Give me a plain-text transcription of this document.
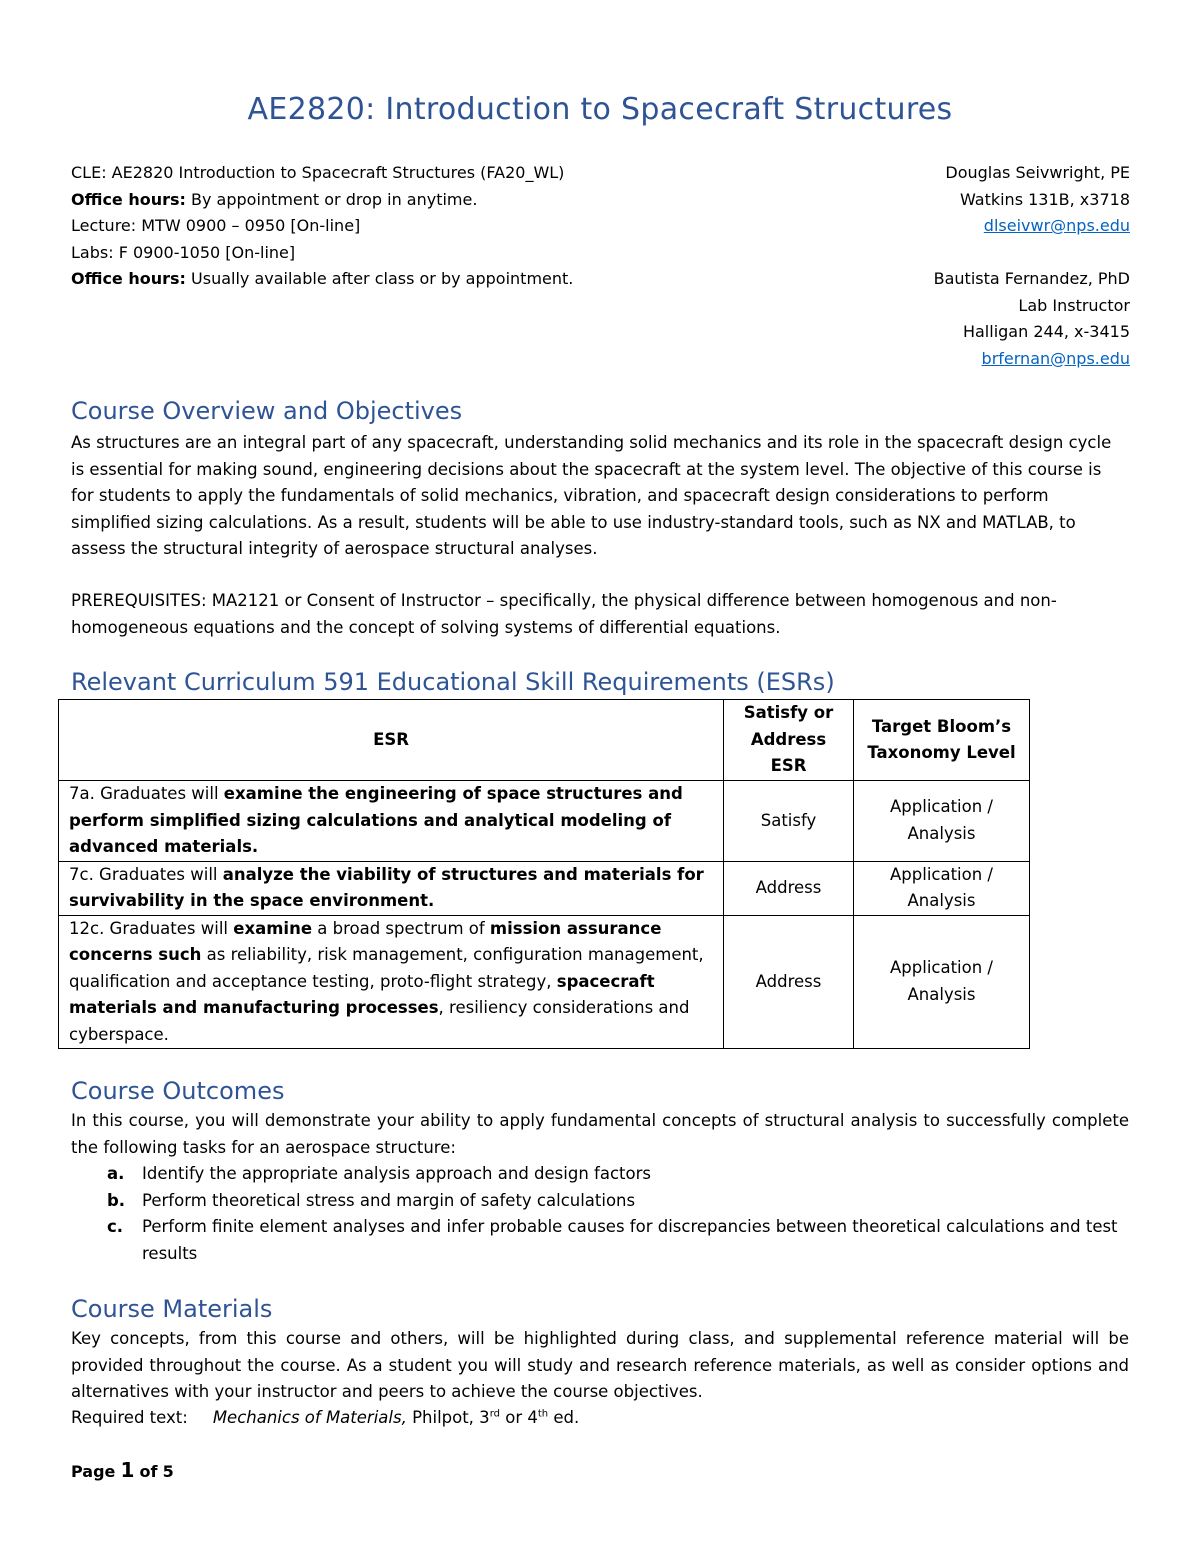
AE2820: Introduction to Spacecraft Structures
CLE: AE2820 Introduction to Spacecraft Structures (FA20_WL)
Office hours: By appointment or drop in anytime.
Lecture: MTW 0900 – 0950 [On-line]
Labs: F 0900-1050 [On-line]
Office hours: Usually available after class or by appointment.
Douglas Seivwright, PE
Watkins 131B, x3718
dlseivwr@nps.edu
Bautista Fernandez, PhD
Lab Instructor
Halligan 244, x-3415
brfernan@nps.edu
Course Overview and Objectives

As structures are an integral part of any spacecraft, understanding solid mechanics and its role in the spacecraft design cycle is essential for making sound, engineering decisions about the spacecraft at the system level. The objective of this course is for students to apply the fundamentals of solid mechanics, vibration, and spacecraft design considerations to perform simplified sizing calculations. As a result, students will be able to use industry-standard tools, such as NX and MATLAB, to assess the structural integrity of aerospace structural analyses.

PREREQUISITES: MA2121 or Consent of Instructor – specifically, the physical difference between homogenous and non-homogeneous equations and the concept of solving systems of differential equations.

Relevant Curriculum 591 Educational Skill Requirements (ESRs)
ESR	Satisfy or Address ESR	Target Bloom’s Taxonomy Level
7a. Graduates will examine the engineering of space structures and perform simplified sizing calculations and analytical modeling of advanced materials.	Satisfy	Application / Analysis
7c. Graduates will analyze the viability of structures and materials for survivability in the space environment.	Address	Application / Analysis
12c. Graduates will examine a broad spectrum of mission assurance concerns such as reliability, risk management, configuration management, qualification and acceptance testing, proto-flight strategy, spacecraft materials and manufacturing processes, resiliency considerations and cyberspace.	Address	Application / Analysis
Course Outcomes

In this course, you will demonstrate your ability to apply fundamental concepts of structural analysis to successfully complete the following tasks for an aerospace structure:

a. Identify the appropriate analysis approach and design factors
b. Perform theoretical stress and margin of safety calculations
c. Perform finite element analyses and infer probable causes for discrepancies between theoretical calculations and test results
Course Materials

Key concepts, from this course and others, will be highlighted during class, and supplemental reference material will be provided throughout the course. As a student you will study and research reference materials, as well as consider options and alternatives with your instructor and peers to achieve the course objectives.

Required text: Mechanics of Materials, Philpot, 3rd or 4th ed.

Page 1 of 5
